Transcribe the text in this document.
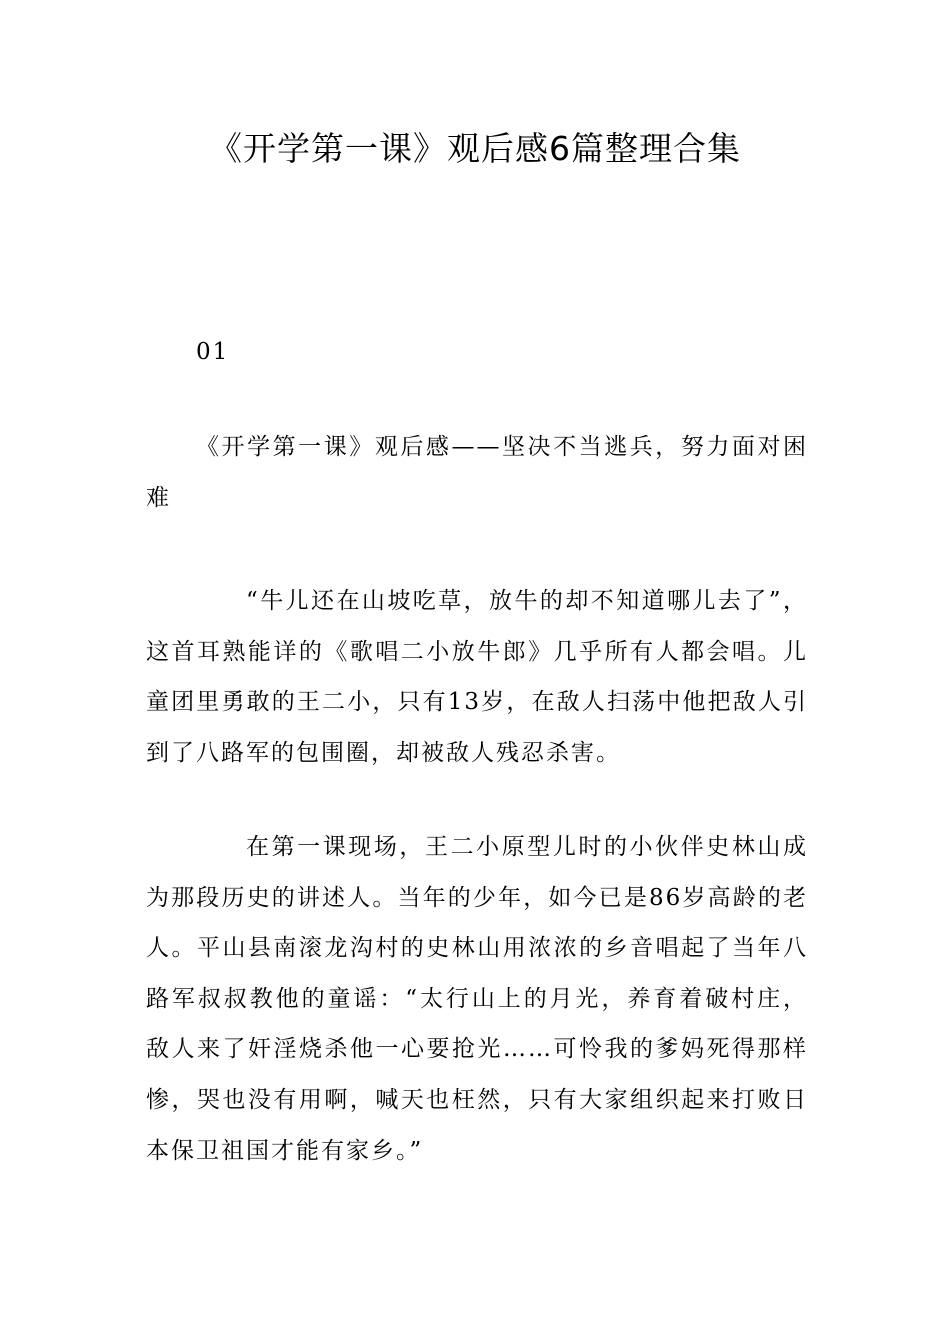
《开学第一课》观后感6篇整理合集

01

《开学第一课》观后感——坚决不当逃兵，努力面对困难

“牛儿还在山坡吃草，放牛的却不知道哪儿去了”，这首耳熟能详的《歌唱二小放牛郎》几乎所有人都会唱。儿童团里勇敢的王二小，只有13岁，在敌人扫荡中他把敌人引到了八路军的包围圈，却被敌人残忍杀害。

在第一课现场，王二小原型儿时的小伙伴史林山成为那段历史的讲述人。当年的少年，如今已是86岁高龄的老人。平山县南滚龙沟村的史林山用浓浓的乡音唱起了当年八路军叔叔教他的童谣：“太行山上的月光，养育着破村庄，敌人来了奸淫烧杀他一心要抢光……可怜我的爹妈死得那样惨，哭也没有用啊，喊天也枉然，只有大家组织起来打败日本保卫祖国才能有家乡。”
